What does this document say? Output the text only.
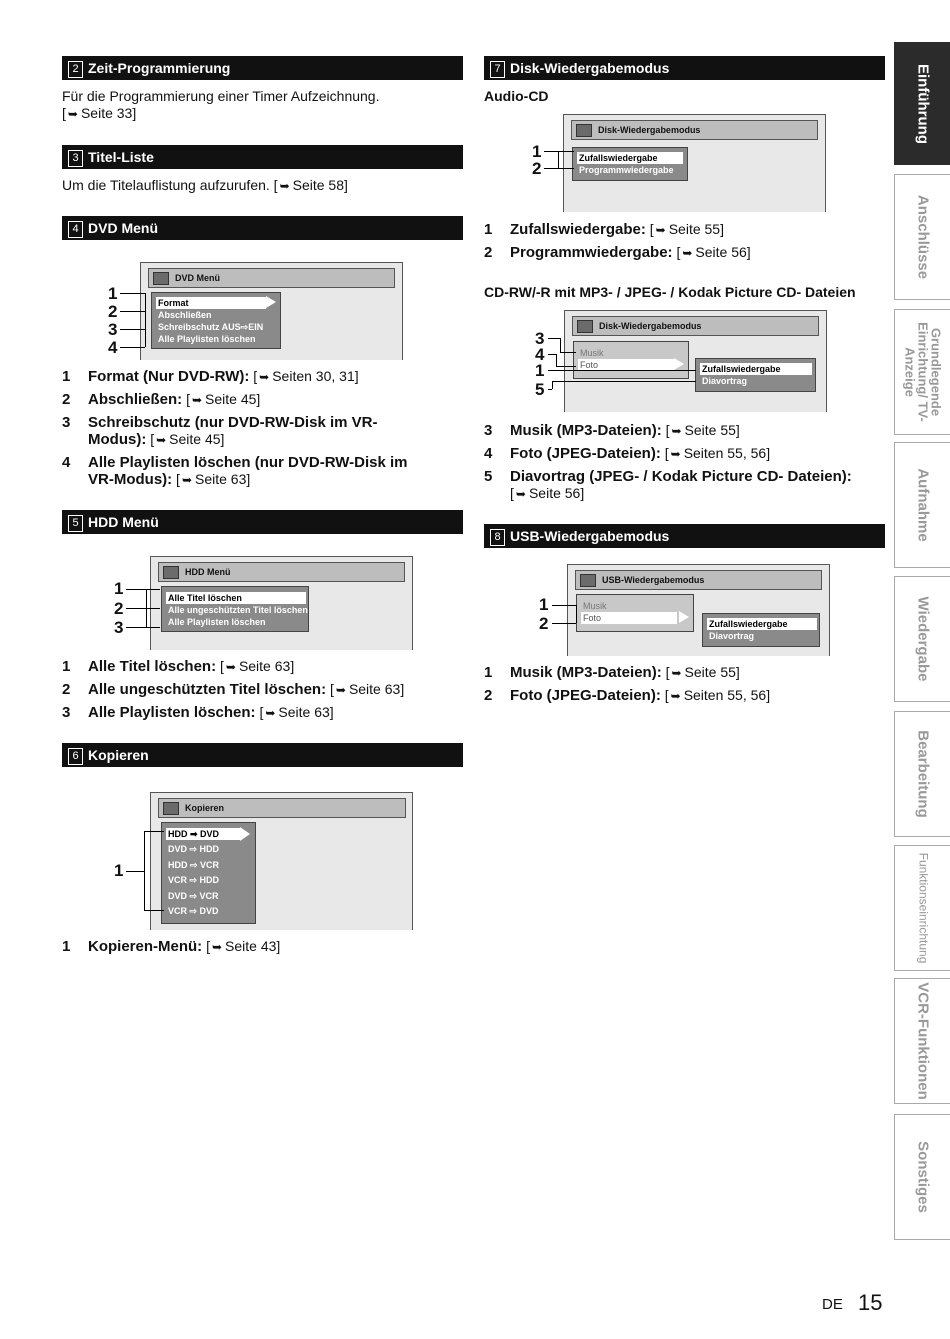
2 Zeit-Programmierung
Für die Programmierung einer Timer Aufzeichnung.
[ ➥ Seite 33]
3 Titel-Liste
Um die Titelauflistung aufzurufen. [ ➥ Seite 58]
4 DVD Menü
DVD Menü
Format
Abschließen
Schreibschutz AUS⇨EIN
Alle Playlisten löschen
1
2
3
4
1 Format (Nur DVD-RW): [ ➥ Seiten 30, 31]
2 Abschließen: [ ➥ Seite 45]
3 Schreibschutz (nur DVD-RW-Disk im VR-
Modus): [ ➥ Seite 45]
4 Alle Playlisten löschen (nur DVD-RW-Disk im
VR-Modus): [ ➥ Seite 63]
5 HDD Menü
HDD Menü
Alle Titel löschen
Alle ungeschützten Titel löschen
Alle Playlisten löschen
1
2
3
1 Alle Titel löschen: [ ➥ Seite 63]
2 Alle ungeschützten Titel löschen: [ ➥ Seite 63]
3 Alle Playlisten löschen: [ ➥ Seite 63]
6 Kopieren
Kopieren
HDD ➡ DVD
DVD ⇨ HDD
HDD ⇨ VCR
VCR ⇨ HDD
DVD ⇨ VCR
VCR ⇨ DVD
1
1 Kopieren-Menü: [ ➥ Seite 43]
7 Disk-Wiedergabemodus
Audio-CD
Disk-Wiedergabemodus
Zufallswiedergabe
Programmwiedergabe
1
2
1 Zufallswiedergabe: [ ➥ Seite 55]
2 Programmwiedergabe: [ ➥ Seite 56]
CD-RW/-R mit MP3- / JPEG- / Kodak Picture CD- Dateien
Disk-Wiedergabemodus
Musik
Foto	Zufallswiedergabe
Diavortrag
3
4
1
5
3 Musik (MP3-Dateien): [ ➥ Seite 55]
4 Foto (JPEG-Dateien): [ ➥ Seiten 55, 56]
5 Diavortrag (JPEG- / Kodak Picture CD- Dateien):
[ ➥ Seite 56]
8 USB-Wiedergabemodus
USB-Wiedergabemodus
Musik
Foto
Zufallswiedergabe
Diavortrag
1
2
1 Musik (MP3-Dateien): [ ➥ Seite 55]
2 Foto (JPEG-Dateien): [ ➥ Seiten 55, 56]
Einführung
Anschlüsse
Grundlegende Einrichtung/ TV-Anzeige
Aufnahme
Wiedergabe
Bearbeitung
Funktionseinrichtung
VCR-Funktionen
Sonstiges
DE 15
